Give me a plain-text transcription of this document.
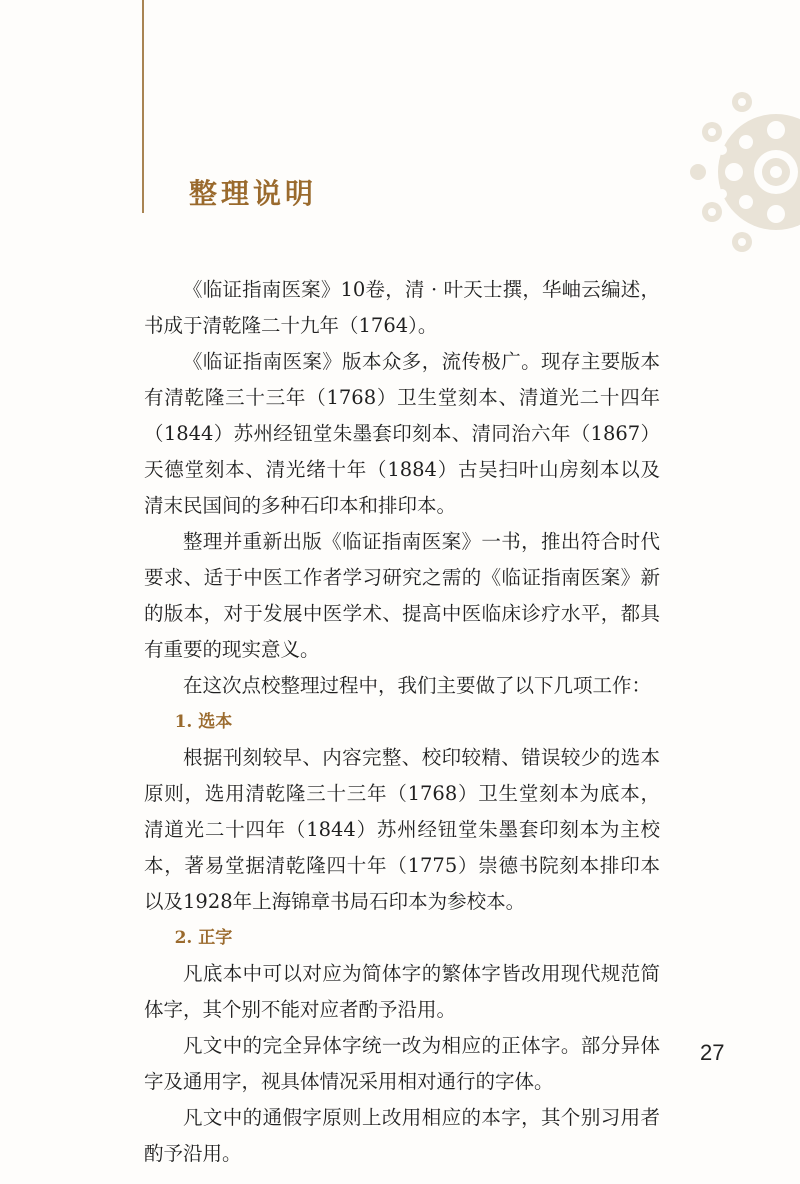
整理说明

《临证指南医案》10卷，清 · 叶天士撰，华岫云编述，书成于清乾隆二十九年（1764）。

《临证指南医案》版本众多，流传极广。现存主要版本有清乾隆三十三年（1768）卫生堂刻本、清道光二十四年（1844）苏州经钮堂朱墨套印刻本、清同治六年（1867）天德堂刻本、清光绪十年（1884）古吴扫叶山房刻本以及清末民国间的多种石印本和排印本。

整理并重新出版《临证指南医案》一书，推出符合时代要求、适于中医工作者学习研究之需的《临证指南医案》新的版本，对于发展中医学术、提高中医临床诊疗水平，都具有重要的现实意义。

在这次点校整理过程中，我们主要做了以下几项工作：

1. 选本

根据刊刻较早、内容完整、校印较精、错误较少的选本原则，选用清乾隆三十三年（1768）卫生堂刻本为底本，清道光二十四年（1844）苏州经钮堂朱墨套印刻本为主校本，著易堂据清乾隆四十年（1775）崇德书院刻本排印本以及1928年上海锦章书局石印本为参校本。

2. 正字

凡底本中可以对应为简体字的繁体字皆改用现代规范简体字，其个别不能对应者酌予沿用。

凡文中的完全异体字统一改为相应的正体字。部分异体字及通用字，视具体情况采用相对通行的字体。

凡文中的通假字原则上改用相应的本字，其个别习用者酌予沿用。

27
